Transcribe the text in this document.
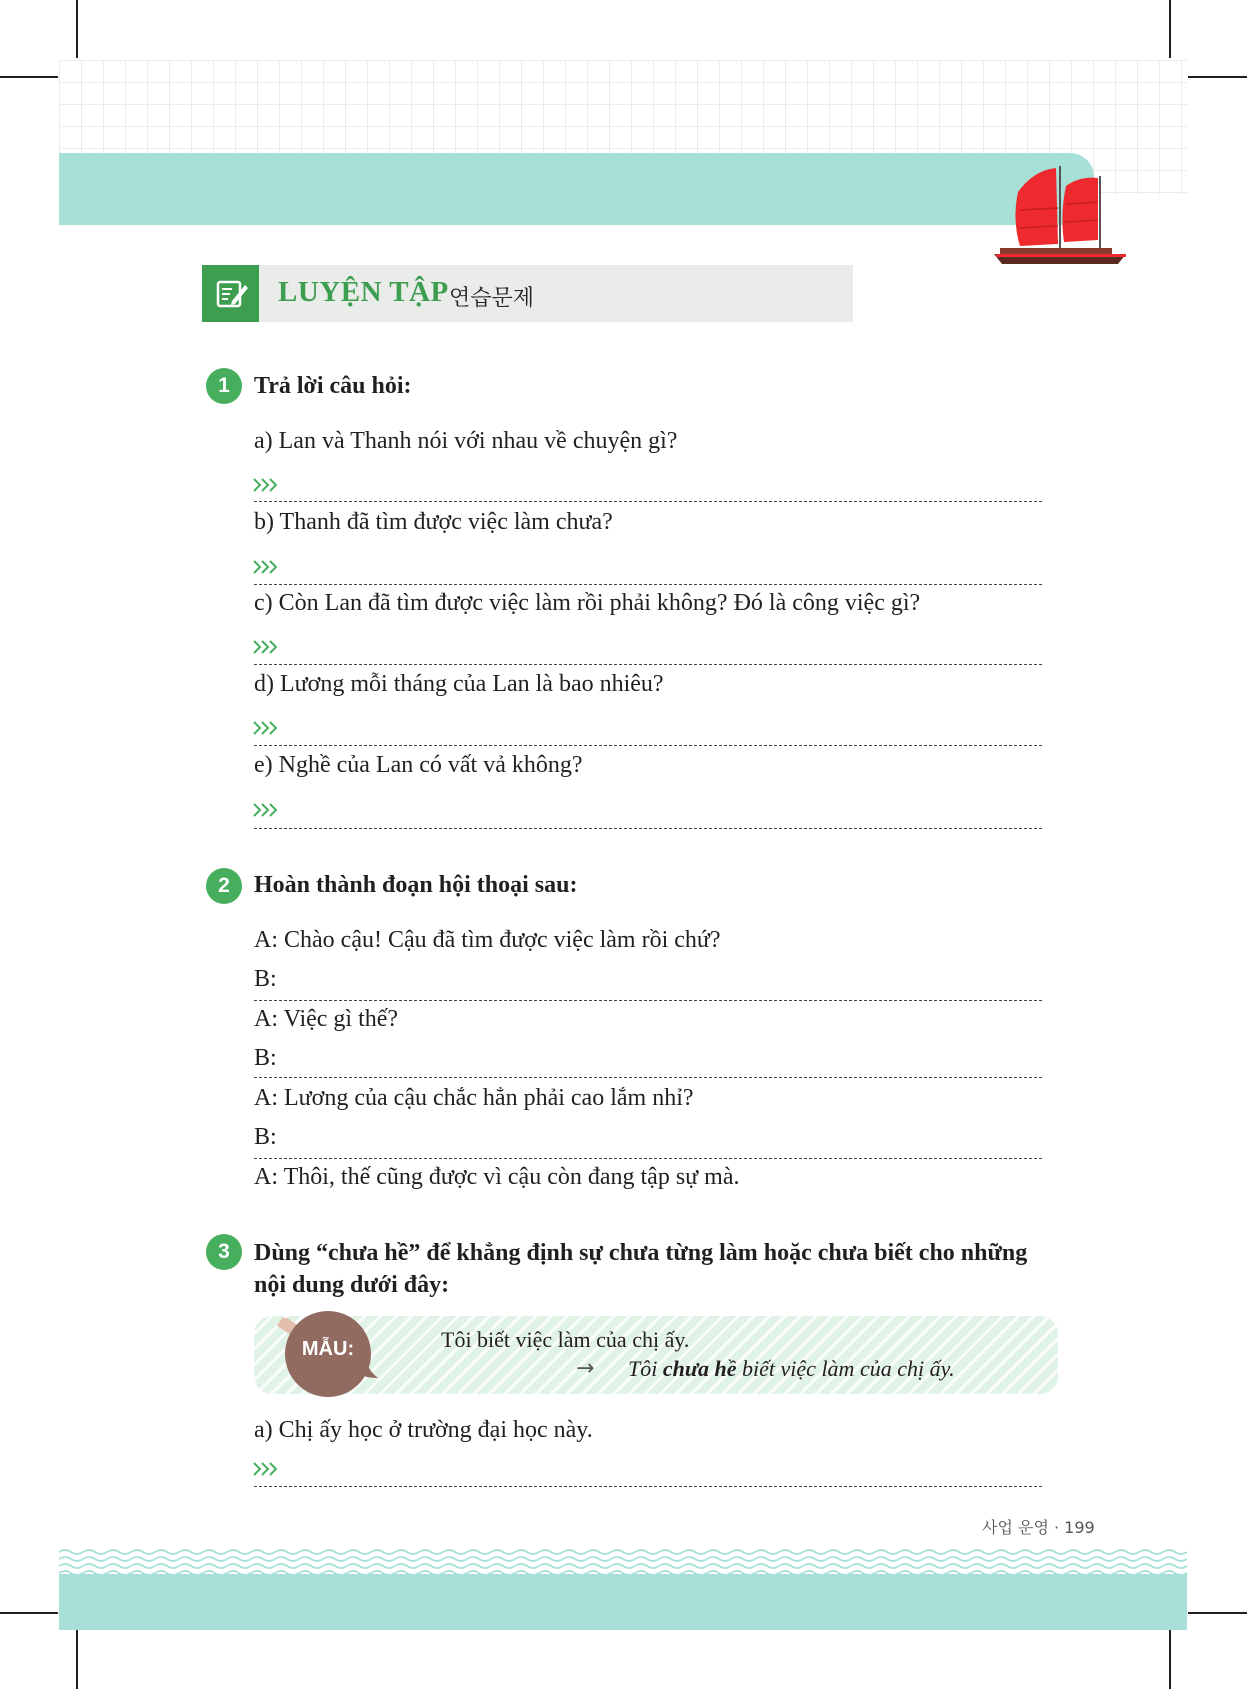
LUYỆN TẬP 연습문제
1	Trả lời câu hỏi:
a) Lan và Thanh nói với nhau về chuyện gì?
b) Thanh đã tìm được việc làm chưa?
c) Còn Lan đã tìm được việc làm rồi phải không? Đó là công việc gì?
d) Lương mỗi tháng của Lan là bao nhiêu?
e) Nghề của Lan có vất vả không?
2	Hoàn thành đoạn hội thoại sau:
A: Chào cậu! Cậu đã tìm được việc làm rồi chứ?
B:
A: Việc gì thế?
B:
A: Lương của cậu chắc hẳn phải cao lắm nhỉ?
B:
A: Thôi, thế cũng được vì cậu còn đang tập sự mà.
3	Dùng “chưa hề” để khẳng định sự chưa từng làm hoặc chưa biết cho những
nội dung dưới đây:
MẪU:	Tôi biết việc làm của chị ấy.
→ Tôi chưa hề biết việc làm của chị ấy.
a) Chị ấy học ở trường đại học này.
사업 운영 · 199
